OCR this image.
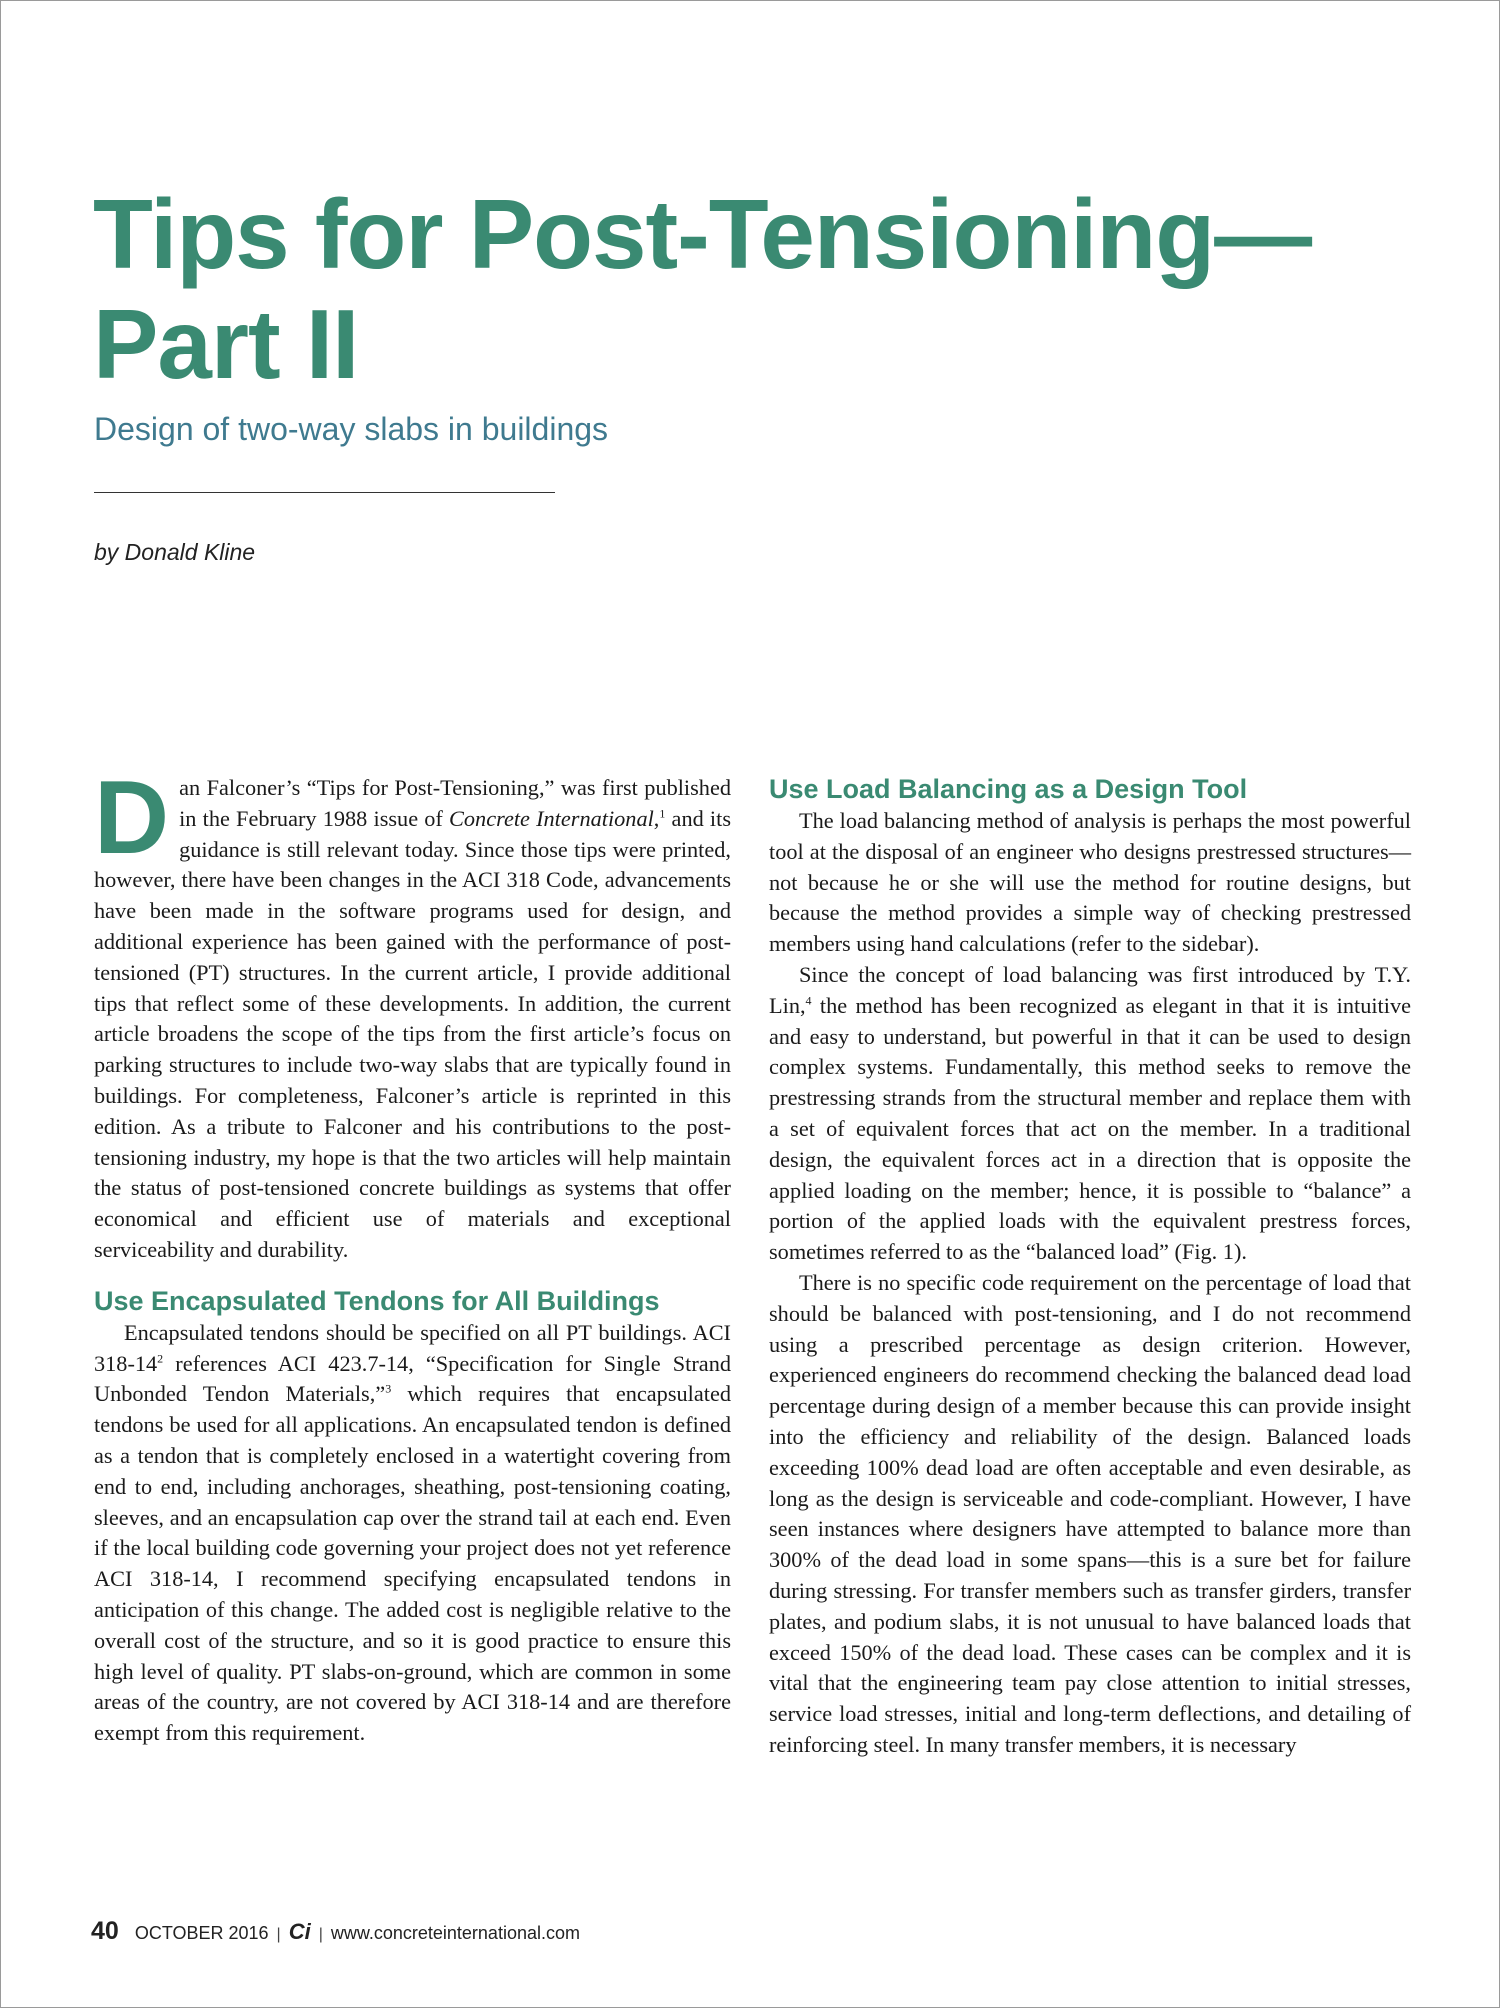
Tips for Post-Tensioning—
Part II

Design of two-way slabs in buildings

by Donald Kline

Dan Falconer’s “Tips for Post-Tensioning,” was first published in the February 1988 issue of Concrete International,$^1$ and its guidance is still relevant today. Since those tips were printed, however, there have been changes in the ACI 318 Code, advancements have been made in the software programs used for design, and additional experience has been gained with the performance of post-tensioned (PT) structures. In the current article, I provide additional tips that reflect some of these developments. In addition, the current article broadens the scope of the tips from the first article’s focus on parking structures to include two-way slabs that are typically found in buildings. For completeness, Falconer’s article is reprinted in this edition. As a tribute to Falconer and his contributions to the post-tensioning industry, my hope is that the two articles will help maintain the status of post-tensioned concrete buildings as systems that offer economical and efficient use of materials and exceptional serviceability and durability.

Use Encapsulated Tendons for All Buildings

Encapsulated tendons should be specified on all PT buildings. ACI $318-14^2$ references ACI 423.7-14, “Specification for Single Strand Unbonded Tendon Materials,”$^3$ which requires that encapsulated tendons be used for all applications. An encapsulated tendon is defined as a tendon that is completely enclosed in a watertight covering from end to end, including anchorages, sheathing, post-tensioning coating, sleeves, and an encapsulation cap over the strand tail at each end. Even if the local building code governing your project does not yet reference ACI 318-14, I recommend specifying encapsulated tendons in anticipation of this change. The added cost is negligible relative to the overall cost of the structure, and so it is good practice to ensure this high level of quality. PT slabs-on-ground, which are common in some areas of the country, are not covered by ACI 318-14 and are therefore exempt from this requirement.

Use Load Balancing as a Design Tool

The load balancing method of analysis is perhaps the most powerful tool at the disposal of an engineer who designs prestressed structures—not because he or she will use the method for routine designs, but because the method provides a simple way of checking prestressed members using hand calculations (refer to the sidebar).

Since the concept of load balancing was first introduced by T.Y. Lin,$^4$ the method has been recognized as elegant in that it is intuitive and easy to understand, but powerful in that it can be used to design complex systems. Fundamentally, this method seeks to remove the prestressing strands from the structural member and replace them with a set of equivalent forces that act on the member. In a traditional design, the equivalent forces act in a direction that is opposite the applied loading on the member; hence, it is possible to “balance” a portion of the applied loads with the equivalent prestress forces, sometimes referred to as the “balanced load” (Fig. 1).

There is no specific code requirement on the percentage of load that should be balanced with post-tensioning, and I do not recommend using a prescribed percentage as design criterion. However, experienced engineers do recommend checking the balanced dead load percentage during design of a member because this can provide insight into the efficiency and reliability of the design. Balanced loads exceeding 100% dead load are often acceptable and even desirable, as long as the design is serviceable and code-compliant. However, I have seen instances where designers have attempted to balance more than 300% of the dead load in some spans—this is a sure bet for failure during stressing. For transfer members such as transfer girders, transfer plates, and podium slabs, it is not unusual to have balanced loads that exceed 150% of the dead load. These cases can be complex and it is vital that the engineering team pay close attention to initial stresses, service load stresses, initial and long-term deflections, and detailing of reinforcing steel. In many transfer members, it is necessary

40 OCTOBER 2016 | Ci | www.concreteinternational.com
